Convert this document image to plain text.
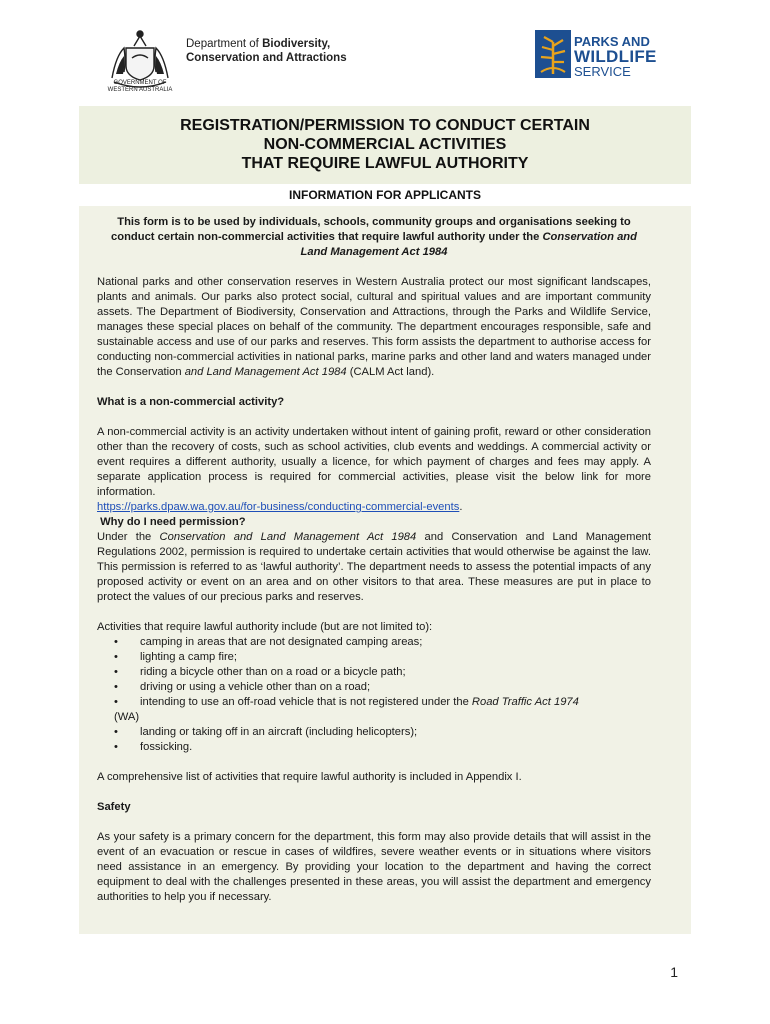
GOVERNMENT OF
WESTERN AUSTRALIA
Department of Biodiversity,
Conservation and Attractions
PARKS AND
WILDLIFE
SERVICE
REGISTRATION/PERMISSION TO CONDUCT CERTAIN
NON-COMMERCIAL ACTIVITIES
THAT REQUIRE LAWFUL AUTHORITY
INFORMATION FOR APPLICANTS
This form is to be used by individuals, schools, community groups and organisations seeking to conduct certain non-commercial activities that require lawful authority under the Conservation and Land Management Act 1984

National parks and other conservation reserves in Western Australia protect our most significant landscapes, plants and animals. Our parks also protect social, cultural and spiritual values and are important community assets. The Department of Biodiversity, Conservation and Attractions, through the Parks and Wildlife Service, manages these special places on behalf of the community. The department encourages responsible, safe and sustainable access and use of our parks and reserves. This form assists the department to authorise access for conducting non-commercial activities in national parks, marine parks and other land and waters managed under the Conservation and Land Management Act 1984 (CALM Act land).

What is a non-commercial activity?

A non-commercial activity is an activity undertaken without intent of gaining profit, reward or other consideration other than the recovery of costs, such as school activities, club events and weddings. A commercial activity or event requires a different authority, usually a licence, for which payment of charges and fees may apply. A separate application process is required for commercial activities, please visit the below link for more information.
https://parks.dpaw.wa.gov.au/for-business/conducting-commercial-events.

Why do I need permission?

Under the Conservation and Land Management Act 1984 and Conservation and Land Management Regulations 2002, permission is required to undertake certain activities that would otherwise be against the law. This permission is referred to as ‘lawful authority’. The department needs to assess the potential impacts of any proposed activity or event on an area and on other visitors to that area. These measures are put in place to protect the values of our precious parks and reserves.

Activities that require lawful authority include (but are not limited to):
• camping in areas that are not designated camping areas;
• lighting a camp fire;
• riding a bicycle other than on a road or a bicycle path;
• driving or using a vehicle other than on a road;
• intending to use an off-road vehicle that is not registered under the Road Traffic Act 1974
(WA)
• landing or taking off in an aircraft (including helicopters);
• fossicking.

A comprehensive list of activities that require lawful authority is included in Appendix I.

Safety

As your safety is a primary concern for the department, this form may also provide details that will assist in the event of an evacuation or rescue in cases of wildfires, severe weather events or in situations where visitors need assistance in an emergency. By providing your location to the department and having the correct equipment to deal with the challenges presented in these areas, you will assist the department and emergency authorities to help you if necessary.

1
